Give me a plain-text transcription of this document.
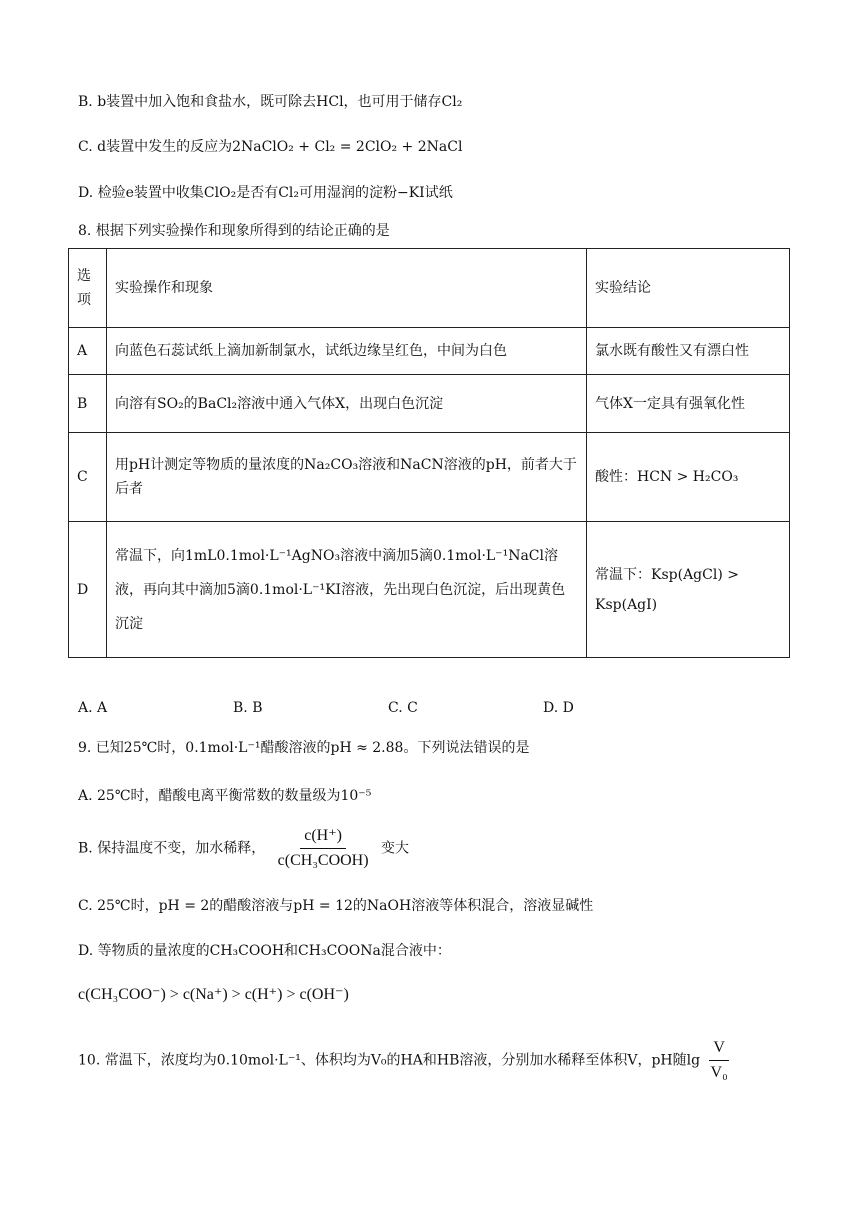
B. b装置中加入饱和食盐水，既可除去HCl，也可用于储存Cl₂
C. d装置中发生的反应为2NaClO₂ + Cl₂ = 2ClO₂ + 2NaCl
D. 检验e装置中收集ClO₂是否有Cl₂可用湿润的淀粉−KI试纸
8. 根据下列实验操作和现象所得到的结论正确的是
选项	实验操作和现象	实验结论
A	向蓝色石蕊试纸上滴加新制氯水，试纸边缘呈红色，中间为白色	氯水既有酸性又有漂白性
B	向溶有SO₂的BaCl₂溶液中通入气体X，出现白色沉淀	气体X一定具有强氧化性
C	用pH计测定等物质的量浓度的Na₂CO₃溶液和NaCN溶液的pH，前者大于后者	酸性：HCN > H₂CO₃
D	常温下，向1mL0.1mol·L⁻¹AgNO₃溶液中滴加5滴0.1mol·L⁻¹NaCl溶液，再向其中滴加5滴0.1mol·L⁻¹KI溶液，先出现白色沉淀，后出现黄色沉淀	常温下：Ksp(AgCl) > Ksp(AgI)
A. A	B. B	C. C	D. D
9. 已知25℃时，0.1mol·L⁻¹醋酸溶液的pH ≈ 2.88。下列说法错误的是
A. 25℃时，醋酸电离平衡常数的数量级为10⁻⁵
B. 保持温度不变，加水稀释， $\frac{c(H^+)}{\text{c(CH₃COOH)}}$ 变大
C. 25℃时，pH = 2的醋酸溶液与pH = 12的NaOH溶液等体积混合，溶液显碱性
D. 等物质的量浓度的CH₃COOH和CH₃COONa混合液中：
c(CH₃COO⁻) > c(Na⁺) > c(H⁺) > c(OH⁻)
10. 常温下，浓度均为0.10mol·L⁻¹、体积均为V₀的HA和HB溶液，分别加水稀释至体积V，pH随$\lg \frac{V}{\text{V₀}}$
